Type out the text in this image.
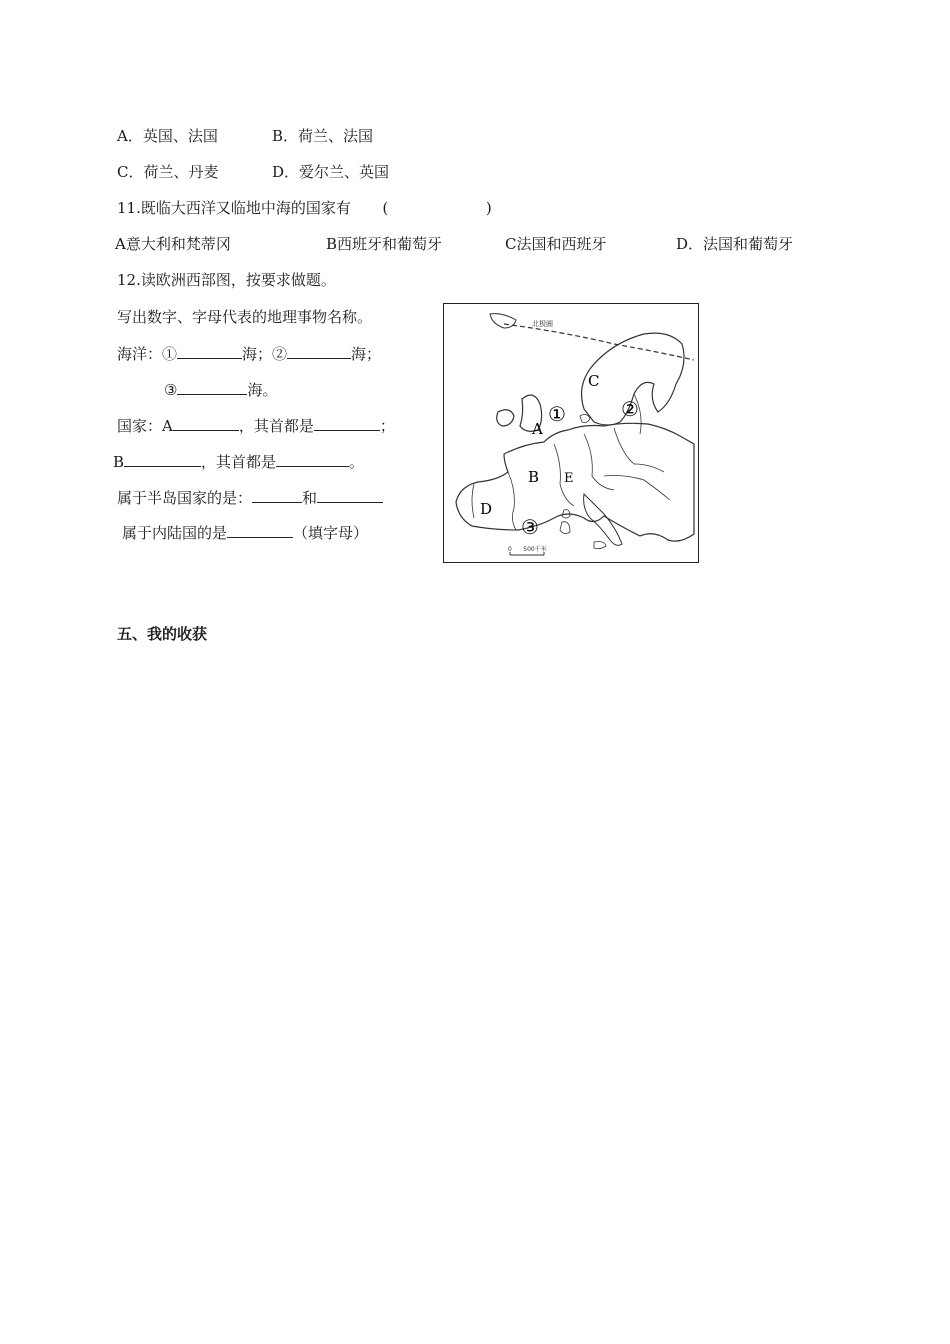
A．英国、法国	B．荷兰、法国
C．荷兰、丹麦	D．爱尔兰、英国
11.既临大西洋又临地中海的国家有 (	)
A意大利和梵蒂冈	B西班牙和葡萄牙	C法国和西班牙	D．法国和葡萄牙
12.读欧洲西部图，按要求做题。
写出数字、字母代表的地理事物名称。
海洋：①	海；②	海；
③	海。
国家：A	，其首都是	；
B	，其首都是	。
属于半岛国家的是：	和
属于内陆国的是	（填字母）
北极圈
A
B
C
D
E
①	②
③
0      500千米
五、我的收获
